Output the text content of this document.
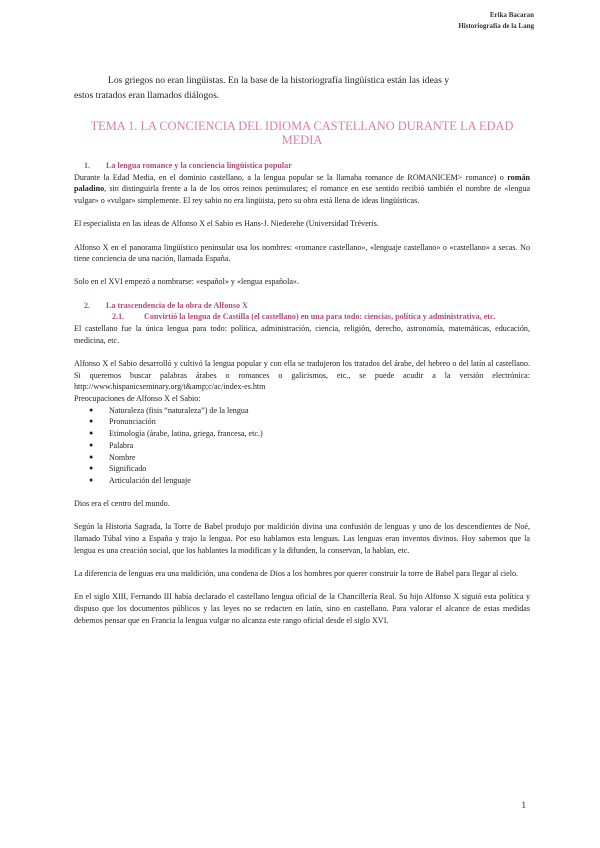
Erika Bacaran
Historiografía de la Lang
Los griegos no eran lingüistas. En la base de la historiografía lingüística están las ideas y
estos tratados eran llamados diálogos.
TEMA 1. LA CONCIENCIA DEL IDIOMA CASTELLANO DURANTE LA EDAD MEDIA

1. La lengua romance y la conciencia lingüística popular

Durante la Edad Media, en el dominio castellano, a la lengua popular se la llamaba romance de ROMANICEM> romance) o román paladino, sin distinguirla frente a la de los otros reinos peninsulares; el romance en ese sentido recibió también el nombre de «lengua vulgar» o «vulgar» simplemente. El rey sabio no era lingüista, pero su obra está llena de ideas lingüísticas.

El especialista en las ideas de Alfonso X el Sabio es Hans-J. Niederehe (Universidad Tréveris.

Alfonso X en el panorama lingüístico peninsular usa los nombres: «romance castellano», «lenguaje castellano» o «castellano» a secas. No tiene conciencia de una nación, llamada España.

Solo en el XVI empezó a nombrarse: «español» y «lengua española».

2. La trascendencia de la obra de Alfonso X

2.1. Convirtió la lengua de Castilla (el castellano) en una para todo: ciencias, política y administrativa, etc.

El castellano fue la única lengua para todo: política, administración, ciencia, religión, derecho, astronomía, matemáticas, educación, medicina, etc.

Alfonso X el Sabio desarrolló y cultivó la lengua popular y con ella se tradujeron los tratados del árabe, del hebreo o del latín al castellano. Si queremos buscar palabras árabes o romances o galicismos, etc., se puede acudir a la versión electrónica: http://www.hispanicseminary.org/t&amp;c/ac/index-es.htm

Preocupaciones de Alfonso X el Sabio:

● Naturaleza (fisis “naturaleza”) de la lengua
● Pronunciación
● Etimología (árabe, latina, griega, francesa, etc.)
● Palabra
● Nombre
● Significado
● Articulación del lenguaje

Dios era el centro del mundo.

Según la Historia Sagrada, la Torre de Babel produjo por maldición divina una confusión de lenguas y uno de los descendientes de Noé, llamado Túbal vino a España y trajo la lengua. Por eso hablamos esta lenguas. Las lenguas eran inventos divinos. Hoy sabemos que la lengua es una creación social, que los hablantes la modifican y la difunden, la conservan, la hablan, etc.

La diferencia de lenguas era una maldición, una condena de Dios a los hombres por querer construir la torre de Babel para llegar al cielo.

En el siglo XIII, Fernando III había declarado el castellano lengua oficial de la Chancillería Real. Su hijo Alfonso X siguió esta política y dispuso que los documentos públicos y las leyes no se redacten en latín, sino en castellano. Para valorar el alcance de estas medidas debemos pensar que en Francia la lengua vulgar no alcanza este rango oficial desde el siglo XVI.

1
